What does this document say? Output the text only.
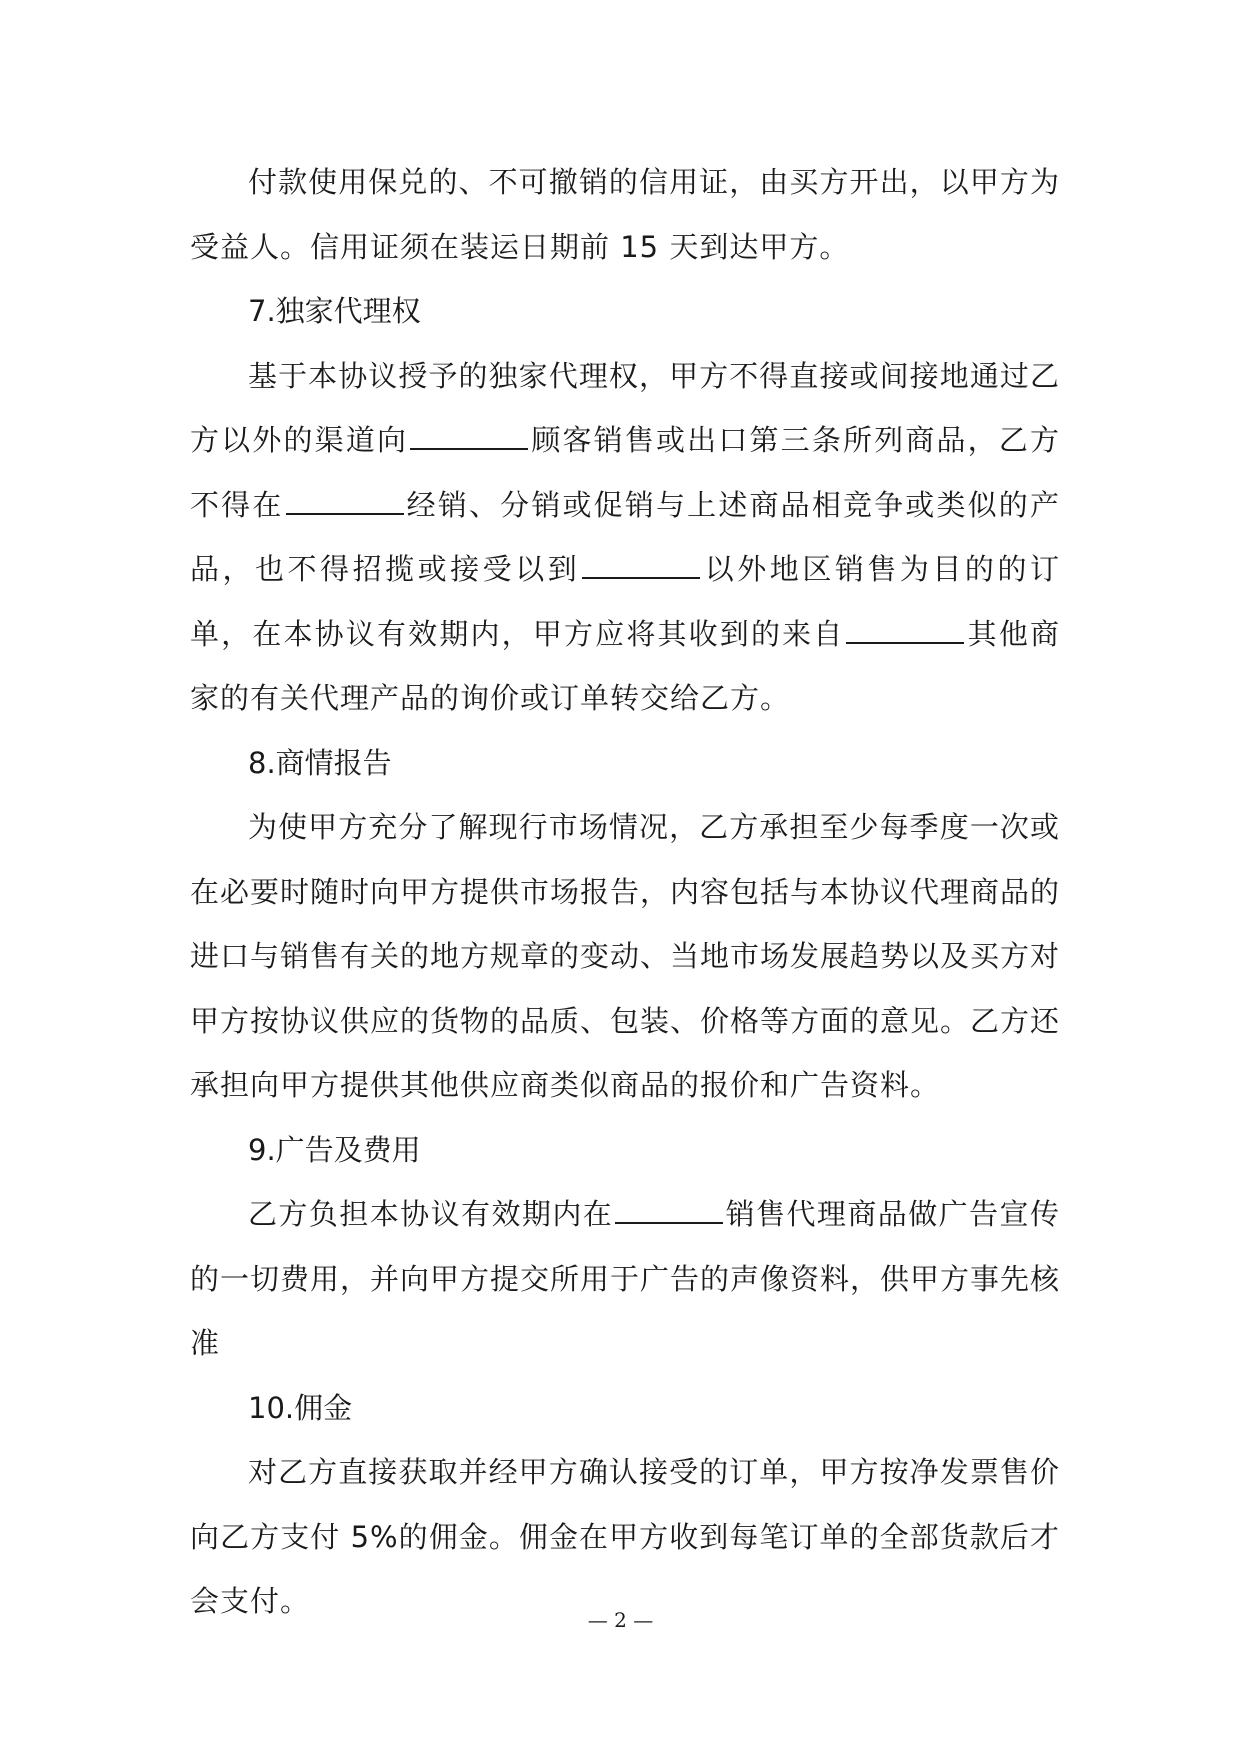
付款使用保兑的、不可撤销的信用证，由买方开出，以甲方为受益人。信用证须在装运日期前 15 天到达甲方。

7.独家代理权

基于本协议授予的独家代理权，甲方不得直接或间接地通过乙方以外的渠道向	顾客销售或出口第三条所列商品，乙方不得在	经销、分销或促销与上述商品相竞争或类似的产品，也不得招揽或接受以到	以外地区销售为目的的订单，在本协议有效期内，甲方应将其收到的来自	其他商家的有关代理产品的询价或订单转交给乙方。

8.商情报告

为使甲方充分了解现行市场情况，乙方承担至少每季度一次或在必要时随时向甲方提供市场报告，内容包括与本协议代理商品的进口与销售有关的地方规章的变动、当地市场发展趋势以及买方对甲方按协议供应的货物的品质、包装、价格等方面的意见。乙方还承担向甲方提供其他供应商类似商品的报价和广告资料。

9.广告及费用

乙方负担本协议有效期内在	销售代理商品做广告宣传的一切费用，并向甲方提交所用于广告的声像资料，供甲方事先核准

10.佣金

对乙方直接获取并经甲方确认接受的订单，甲方按净发票售价向乙方支付 5%的佣金。佣金在甲方收到每笔订单的全部货款后才会支付。

— 2 —
